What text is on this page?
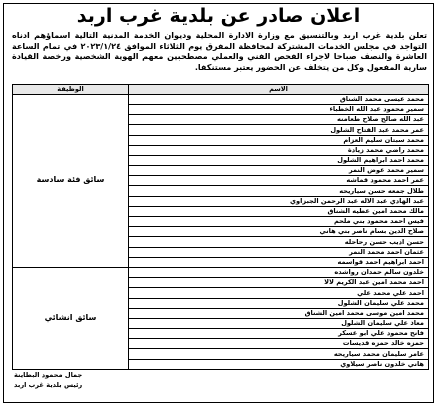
اعلان صادر عن بلدية غرب اربد
تعلن بلدية غرب اربد وبالتنسيق مع وزارة الادارة المحلية وديوان الخدمة المدنية التالية اسماؤهم ادناه التواجد في مجلس الخدمات المشتركة لمحافظة المفرق يوم الثلاثاء الموافق ٢٠٢٣/١/٢٤ في تمام الساعة العاشرة والنصف صباحا لاجراء الفحص الفني والعملي مصطحبين معهم الهوية الشخصية ورخصة القيادة سارية المفعول وكل من يتخلف عن الحضور يعتبر مستنكفا.
الاسم	الوظيفة
محمد عيسى محمد الشناق	سائق فئة سادسة
سمير محمود عبد الله الخطباء	
عبد الله صالح صلاح طعامنه	
عمر محمد عبد الفتاح الشلول	
محمد سبتان سليم العزام	
محمد راضي محمد زيادة	
محمد احمد ابراهيم الشلول	
سمير محمد عوض النمر	
عمر احمد محمود قماشه	
طلال جمعه حسن سياريحه	
عبد الهادي عبد الاله عبد الرحمن الجبزاوي	
مالك محمد امين عطيه الشناق	
فيس احمد محمود بني ملحم	
صلاح الدين بسام ناصر بني هاني	
حسن اديب حسن رحاحله	
عثمان احمد محمد النمر	
احمد ابراهيم احمد قواسمه	
خلدون سالم حمدان رواشده	سائق انشائي
احمد محمد امين عبد الكريم لالا	
احمد علي محمد علي	
محمد علي سليمان الشلول	
محمد امين موسى محمد امين الشناق	
معاذ علي سليمان الشلول	
فانح محمود علي ابو عسكر	
حمزه خالد حمزه قديسات	
عامر سليمان محمد سياريحه	
هاني خلدون ناصر سيلاوي	
جمال محمود البطاينة
رئيس بلدية غرب اربد
